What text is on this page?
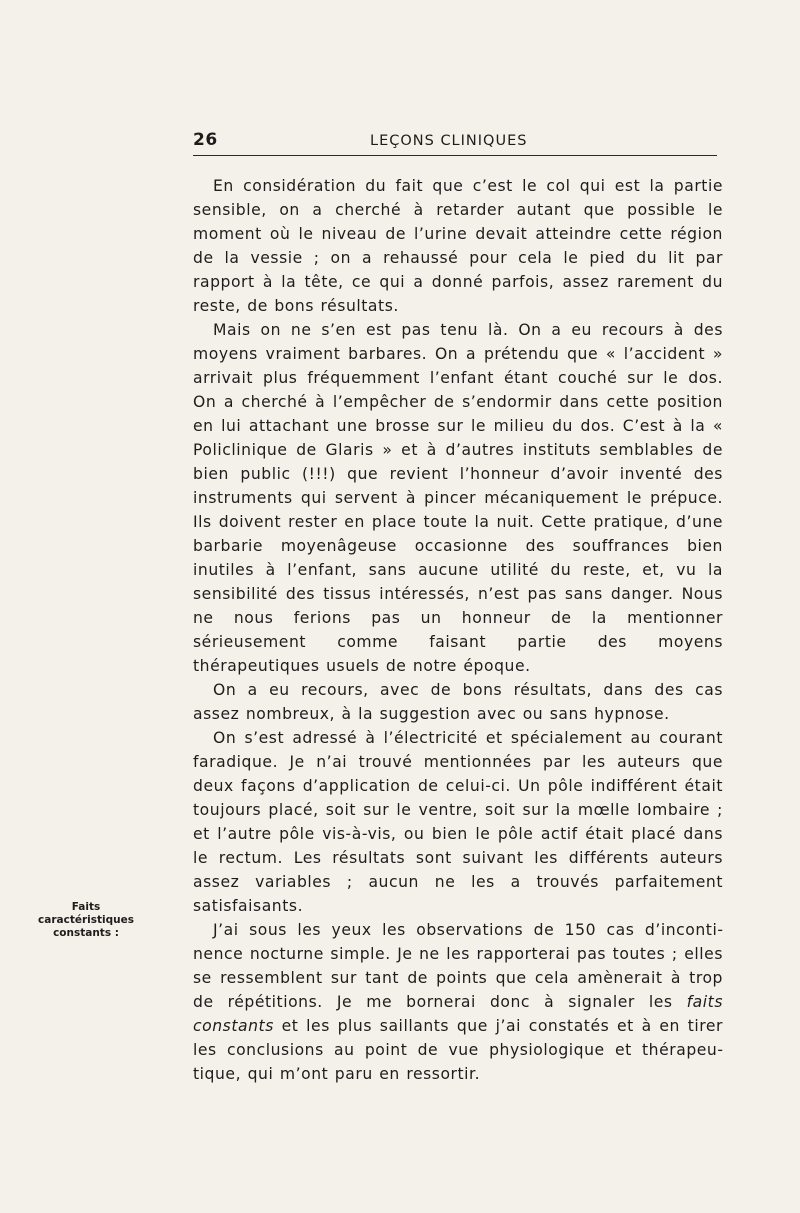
26	LEÇONS CLINIQUES
Faits
caractéristiques
constants :

En considération du fait que c’est le col qui est la partie sensible, on a cherché à retarder autant que possible le moment où le niveau de l’urine devait atteindre cette région de la vessie ; on a rehaussé pour cela le pied du lit par rapport à la tête, ce qui a donné parfois, assez rarement du reste, de bons résultats.

Mais on ne s’en est pas tenu là. On a eu recours à des moyens vraiment barbares. On a prétendu que « l’accident » arrivait plus fréquemment l’enfant étant couché sur le dos. On a cherché à l’empêcher de s’endormir dans cette position en lui attachant une brosse sur le milieu du dos. C’est à la « Policlinique de Glaris » et à d’autres instituts semblables de bien public (!!!) que revient l’honneur d’avoir inventé des instruments qui servent à pincer mécaniquement le prépuce. Ils doivent rester en place toute la nuit. Cette pratique, d’une barbarie moyenâgeuse occasionne des souffrances bien inutiles à l’enfant, sans aucune utilité du reste, et, vu la sensibilité des tissus intéressés, n’est pas sans danger. Nous ne nous ferions pas un honneur de la mentionner sérieusement comme faisant partie des moyens thérapeutiques usuels de notre époque.

On a eu recours, avec de bons résultats, dans des cas assez nombreux, à la suggestion avec ou sans hypnose.

On s’est adressé à l’électricité et spécialement au courant faradique. Je n’ai trouvé mentionnées par les auteurs que deux façons d’application de celui-ci. Un pôle indifférent était toujours placé, soit sur le ventre, soit sur la mœlle lombaire ; et l’autre pôle vis-à-vis, ou bien le pôle actif était placé dans le rectum. Les résultats sont suivant les différents auteurs assez variables ; aucun ne les a trouvés parfaitement satisfaisants.

J’ai sous les yeux les observations de 150 cas d’incontinence nocturne simple. Je ne les rapporterai pas toutes ; elles se ressemblent sur tant de points que cela amènerait à trop de répétitions. Je me bornerai donc à signaler les faits constants et les plus saillants que j’ai constatés et à en tirer les conclusions au point de vue physiologique et thérapeutique, qui m’ont paru en ressortir.
